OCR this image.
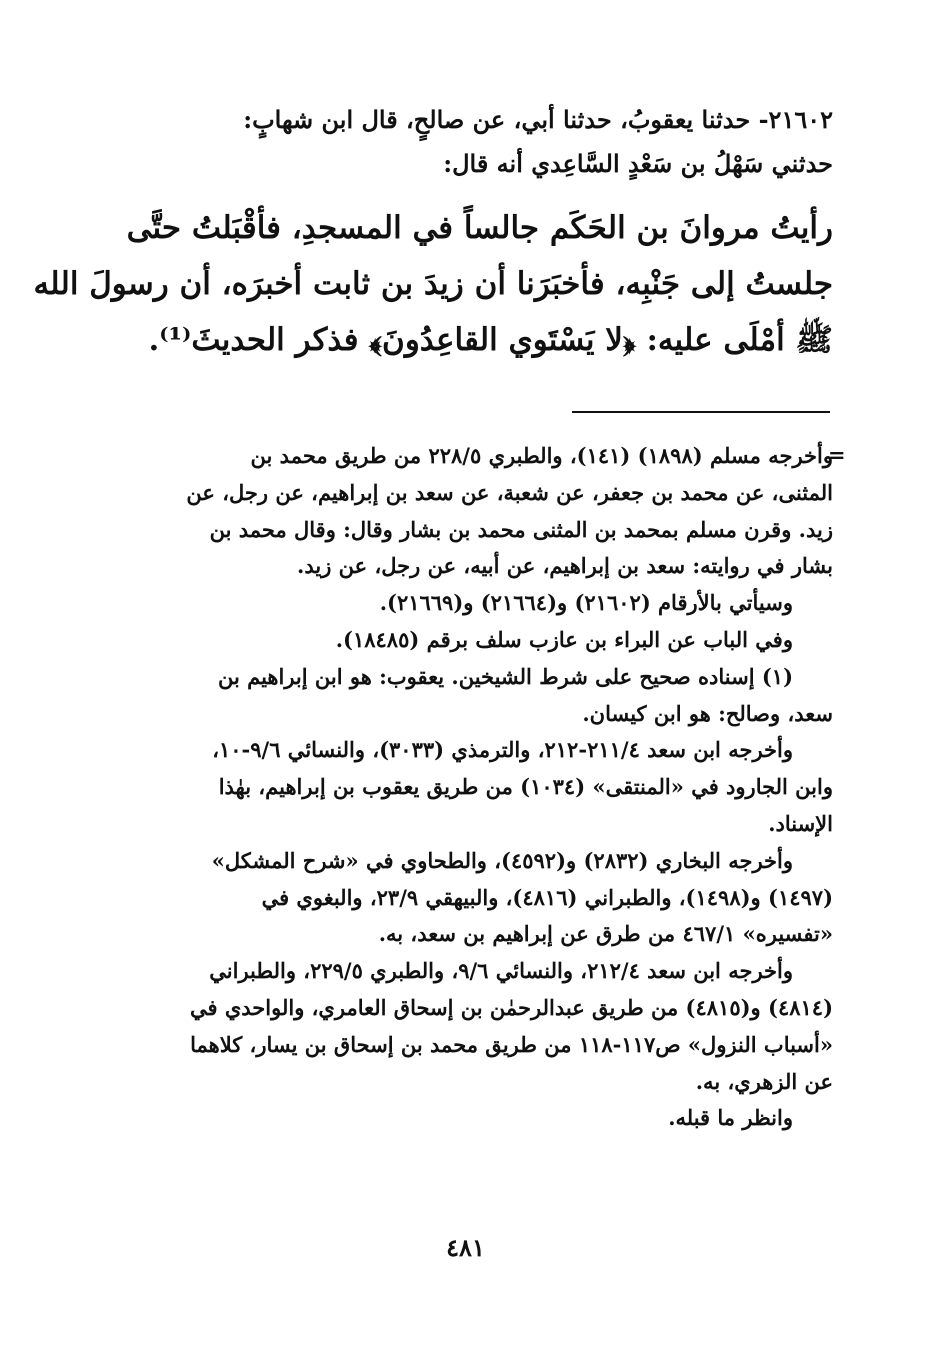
٢١٦٠٢- حدثنا يعقوبُ، حدثنا أبي، عن صالحٍ، قال ابن شهابٍ:
حدثني سَهْلُ بن سَعْدٍ السَّاعِدي أنه قال:
رأيتُ مروانَ بن الحَكَم جالساً في المسجدِ، فأقْبَلتُ حتَّى
جلستُ إلى جَنْبِه، فأخبَرَنا أن زيدَ بن ثابت أخبرَه، أن رسولَ الله
ﷺ أمْلَى عليه: ﴿لا يَسْتَوي القاعِدُونَ﴾ فذكر الحديثَ⁽¹⁾.
=
وأخرجه مسلم (١٨٩٨) (١٤١)، والطبري ٢٢٨/٥ من طريق محمد بن
المثنى، عن محمد بن جعفر، عن شعبة، عن سعد بن إبراهيم، عن رجل، عن
زيد. وقرن مسلم بمحمد بن المثنى محمد بن بشار وقال: وقال محمد بن
بشار في روايته: سعد بن إبراهيم، عن أبيه، عن رجل، عن زيد.
وسيأتي بالأرقام (٢١٦٠٢) و(٢١٦٦٤) و(٢١٦٦٩).
وفي الباب عن البراء بن عازب سلف برقم (١٨٤٨٥).
(١) إسناده صحيح على شرط الشيخين. يعقوب: هو ابن إبراهيم بن
سعد، وصالح: هو ابن كيسان.
وأخرجه ابن سعد ٢١١/٤-٢١٢، والترمذي (٣٠٣٣)، والنسائي ٩/٦-١٠،
وابن الجارود في «المنتقى» (١٠٣٤) من طريق يعقوب بن إبراهيم، بهٰذا
الإسناد.
وأخرجه البخاري (٢٨٣٢) و(٤٥٩٢)، والطحاوي في «شرح المشكل»
(١٤٩٧) و(١٤٩٨)، والطبراني (٤٨١٦)، والبيهقي ٢٣/٩، والبغوي في
«تفسيره» ٤٦٧/١ من طرق عن إبراهيم بن سعد، به.
وأخرجه ابن سعد ٢١٢/٤، والنسائي ٩/٦، والطبري ٢٢٩/٥، والطبراني
(٤٨١٤) و(٤٨١٥) من طريق عبدالرحمٰن بن إسحاق العامري، والواحدي في
«أسباب النزول» ص١١٧-١١٨ من طريق محمد بن إسحاق بن يسار، كلاهما
عن الزهري، به.
وانظر ما قبله.
٤٨١
